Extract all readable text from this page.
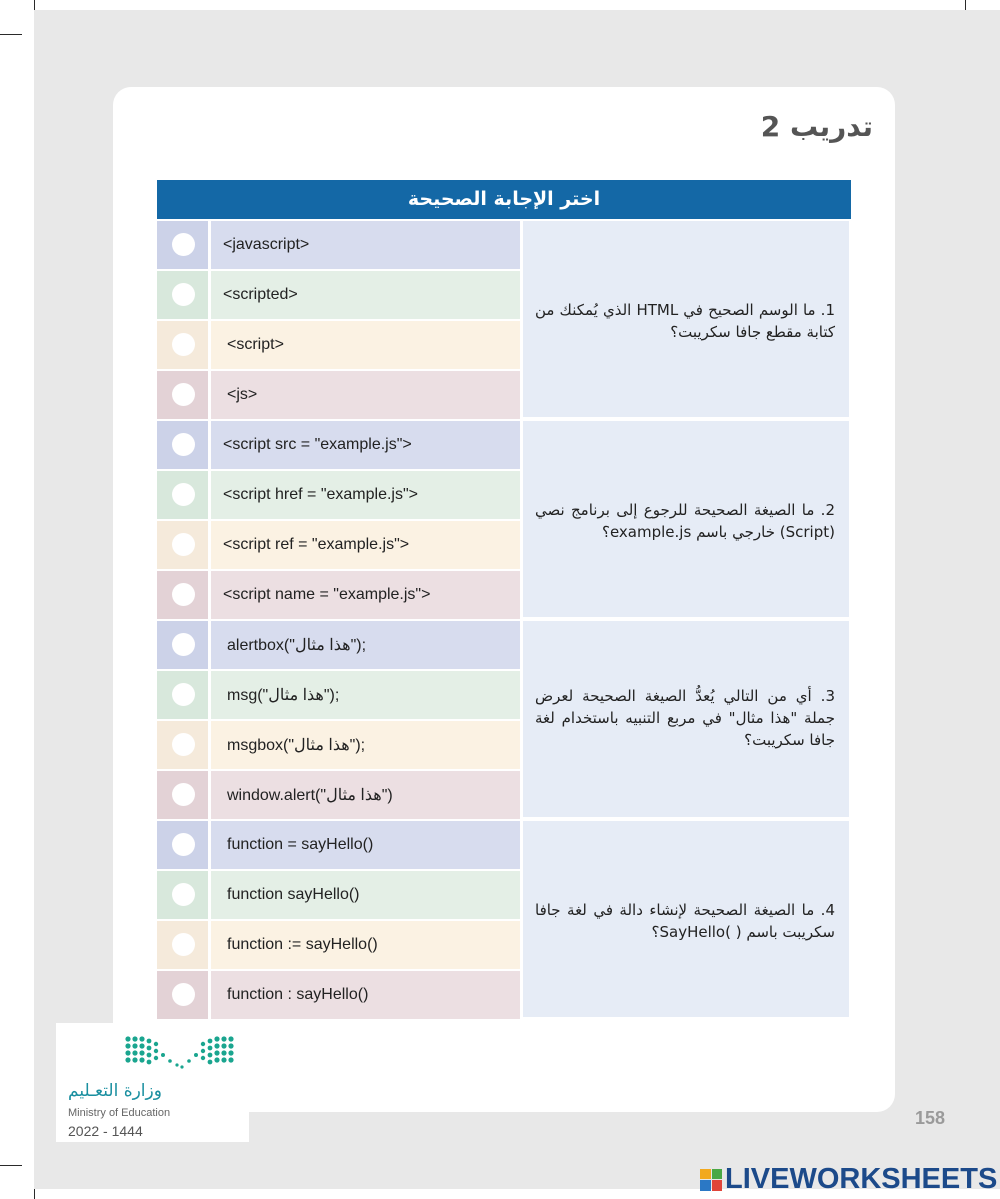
تدريب 2
اختر الإجابة الصحيحة
1. ما الوسم الصحيح في HTML الذي يُمكنك من كتابة مقطع جافا سكريبت؟
<javascript>
<scripted>
<script>
<js>
2. ما الصيغة الصحيحة للرجوع إلى برنامج نصي (Script) خارجي باسم example.js؟
<script src = "example.js">
<script href = "example.js">
<script ref = "example.js">
<script name = "example.js">
3. أي من التالي يُعدُّ الصيغة الصحيحة لعرض جملة "هذا مثال" في مربع التنبيه باستخدام لغة جافا سكريبت؟
alertbox("هذا مثال");
msg("هذا مثال");
msgbox("هذا مثال");
window.alert("هذا مثال")
4. ما الصيغة الصحيحة لإنشاء دالة في لغة جافا سكريبت باسم ( )SayHello؟
function = sayHello()
function sayHello()
function := sayHello()
function : sayHello()
وزارة التعـليم
Ministry of Education
2022 - 1444
158
LIVEWORKSHEETS
